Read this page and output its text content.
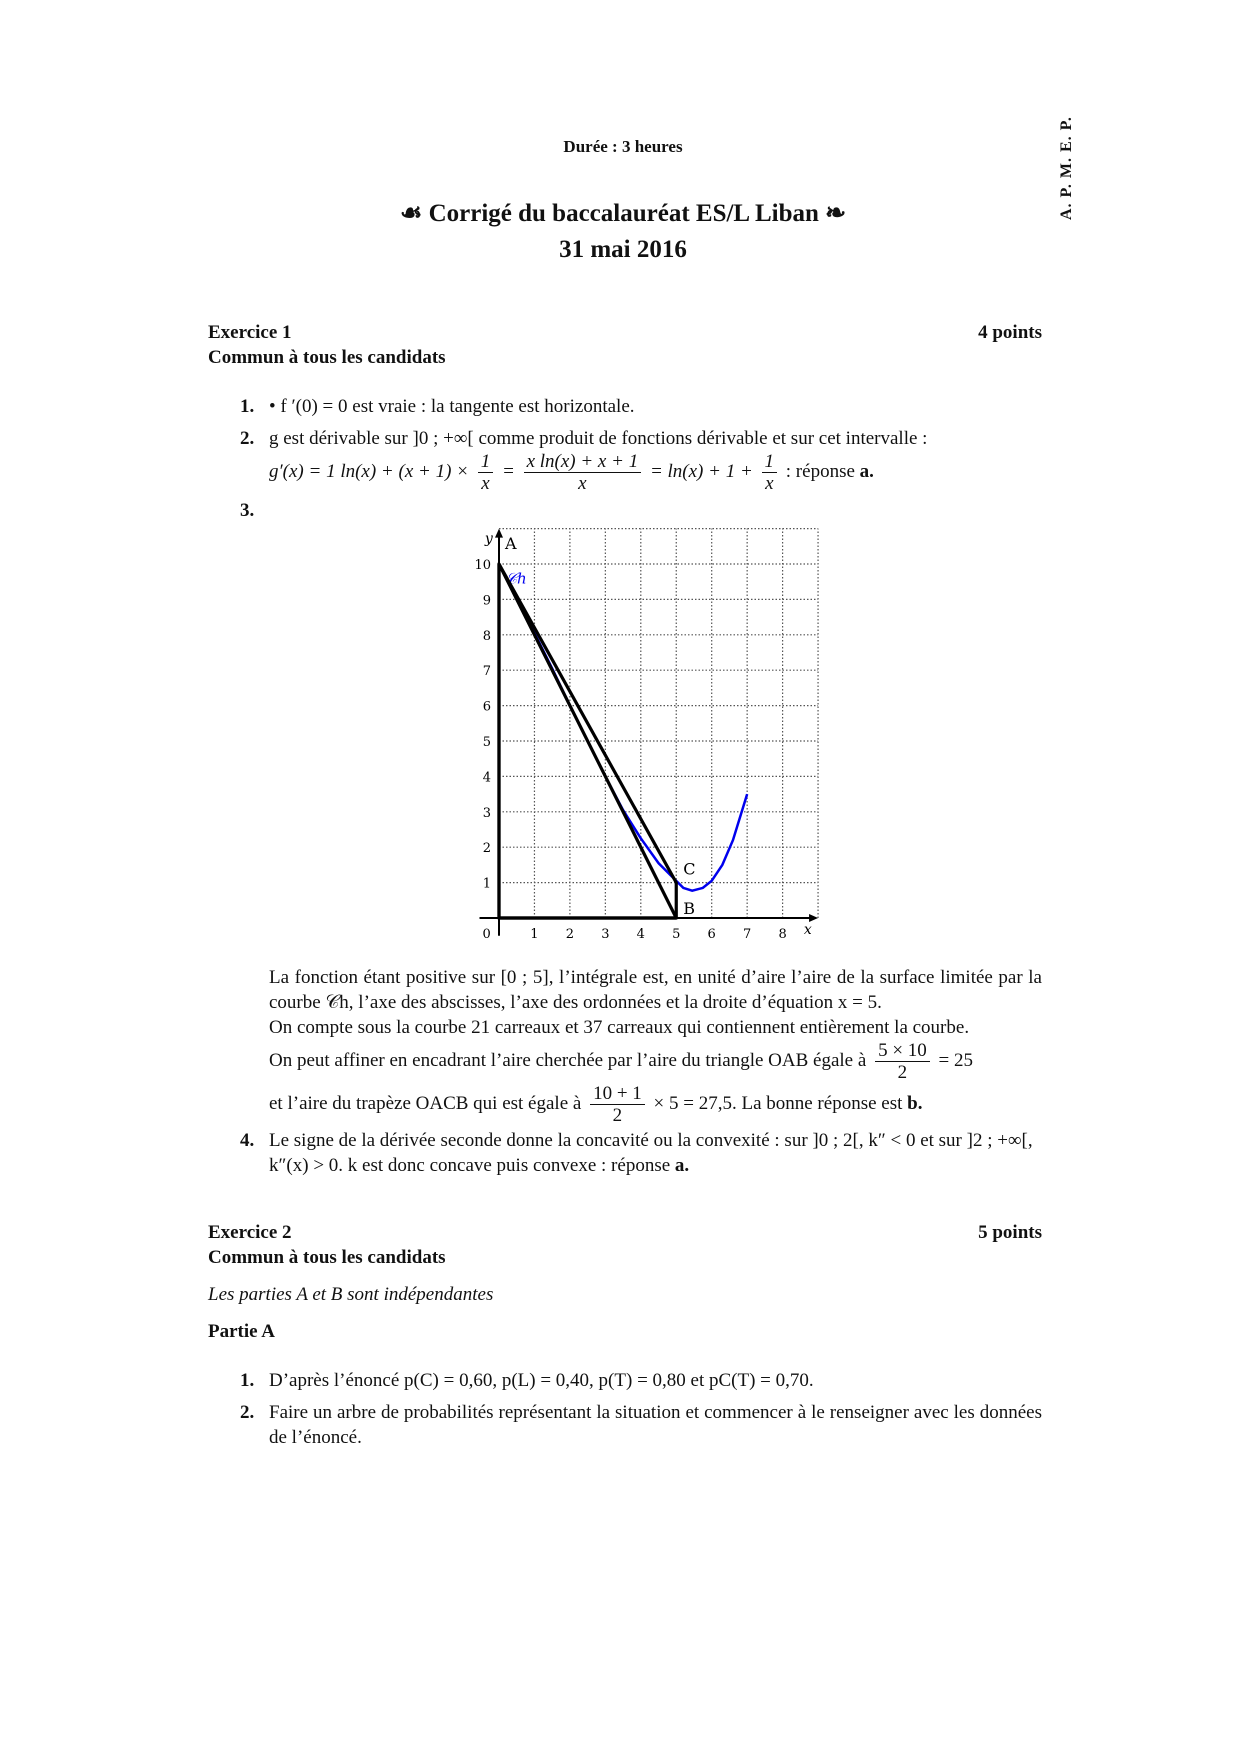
A. P. M. E. P.
Durée : 3 heures
☙ Corrigé du baccalauréat ES/L Liban ❧
31 mai 2016
Exercice 1	4 points
Commun à tous les candidats
1. • f ′(0) = 0 est vraie : la tangente est horizontale.
2. g est dérivable sur ]0 ; +∞[ comme produit de fonctions dérivable et sur cet intervalle :
g′(x) = 1 $\ln(x) + (x + 1) \times \frac{1}{x} = \frac{\text{x ln(x) + x + 1}}{x} = \ln(x) + 1 + \frac{1}{x}$ : réponse a.
3.

1 2 3 4 5 6 7 8
1
2
3
4
5
6
7
8
9
10
0	x
y
𝒞h
A
B
C
La fonction étant positive sur [0 ; 5], l’intégrale est, en unité d’aire l’aire de la surface limitée par la courbe 𝒞h, l’axe des abscisses, l’axe des ordonnées et la droite d’équation x = 5.
On compte sous la courbe 21 carreaux et 37 carreaux qui contiennent entièrement la courbe.
On peut affiner en encadrant l’aire cherchée par l’aire du triangle OAB égale à $\frac{5 \times 10}{2} = 25$
et l’aire du trapèze OACB qui est égale à $\frac{10 + 1}{2} \times 5 = 27,5$. La bonne réponse est b.
4. Le signe de la dérivée seconde donne la concavité ou la convexité : sur ]0 ; 2[, k″ < 0 et sur ]2 ; +∞[, k″(x) > 0. k est donc concave puis convexe : réponse a.
Exercice 2	5 points
Commun à tous les candidats
Les parties A et B sont indépendantes
Partie A
1. D’après l’énoncé p(C) = 0,60, p(L) = 0,40, p(T) = 0,80 et pC(T) = 0,70.
2. Faire un arbre de probabilités représentant la situation et commencer à le renseigner avec les données de l’énoncé.
